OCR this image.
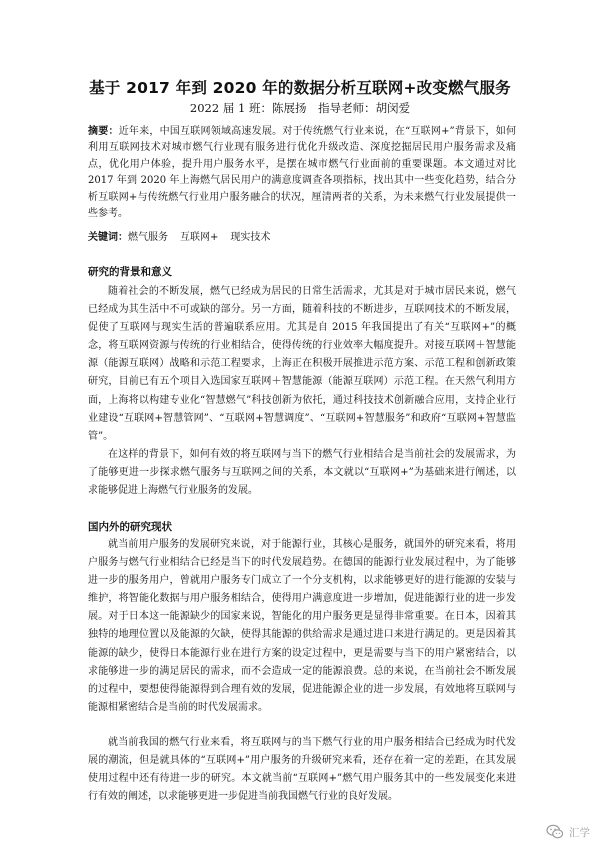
基于 2017 年到 2020 年的数据分析互联网+改变燃气服务
2022 届 1 班：陈展扬 指导老师：胡闵爱
摘要：近年来，中国互联网领域高速发展。对于传统燃气行业来说，在“互联网+”背景下，如何利用互联网技术对城市燃气行业现有服务进行优化升级改造、深度挖掘居民用户服务需求及痛点，优化用户体验，提升用户服务水平，是摆在城市燃气行业面前的重要课题。本文通过对比 2017 年到 2020 年上海燃气居民用户的满意度调查各项指标，找出其中一些变化趋势，结合分析互联网+与传统燃气行业用户服务融合的状况，厘清两者的关系，为未来燃气行业发展提供一些参考。
关键词：燃气服务 互联网+ 现实技术
研究的背景和意义
随着社会的不断发展，燃气已经成为居民的日常生活需求，尤其是对于城市居民来说，燃气已经成为其生活中不可或缺的部分。另一方面，随着科技的不断进步，互联网技术的不断发展，促使了互联网与现实生活的普遍联系应用。尤其是自 2015 年我国提出了有关“互联网+”的概念，将互联网资源与传统的行业相结合，使得传统的行业效率大幅度提升。对接互联网＋智慧能源（能源互联网）战略和示范工程要求，上海正在积极开展推进示范方案、示范工程和创新政策研究，目前已有五个项目入选国家互联网＋智慧能源（能源互联网）示范工程。在天然气利用方面，上海将以构建专业化“智慧燃气”科技创新为依托，通过科技技术创新融合应用，支持企业行业建设“互联网+智慧管网”、“互联网+智慧调度”、“互联网+智慧服务”和政府“互联网+智慧监管”。
在这样的背景下，如何有效的将互联网与当下的燃气行业相结合是当前社会的发展需求，为了能够更进一步探求燃气服务与互联网之间的关系，本文就以“互联网+”为基础来进行阐述，以求能够促进上海燃气行业服务的发展。
国内外的研究现状
就当前用户服务的发展研究来说，对于能源行业，其核心是服务，就国外的研究来看，将用户服务与燃气行业相结合已经是当下的时代发展趋势。在德国的能源行业发展过程中，为了能够进一步的服务用户，曾就用户服务专门成立了一个分支机构，以求能够更好的进行能源的安装与维护，将智能化数据与用户服务相结合，使得用户满意度进一步增加，促进能源行业的进一步发展。对于日本这一能源缺少的国家来说，智能化的用户服务更是显得非常重要。在日本，因着其独特的地理位置以及能源的欠缺，使得其能源的供给需求是通过进口来进行满足的。更是因着其能源的缺少，使得日本能源行业在进行方案的设定过程中，更是需要与当下的用户紧密结合，以求能够进一步的满足居民的需求，而不会造成一定的能源浪费。总的来说，在当前社会不断发展的过程中，要想使得能源得到合理有效的发展，促进能源企业的进一步发展，有效地将互联网与能源相紧密结合是当前的时代发展需求。
就当前我国的燃气行业来看，将互联网与的当下燃气行业的用户服务相结合已经成为时代发展的潮流，但是就具体的“互联网+”用户服务的升级研究来看，还存在着一定的差距，在其发展使用过程中还有待进一步的研究。本文就当前“互联网+”燃气用户服务其中的一些发展变化来进行有效的阐述，以求能够更进一步促进当前我国燃气行业的良好发展。
汇学
